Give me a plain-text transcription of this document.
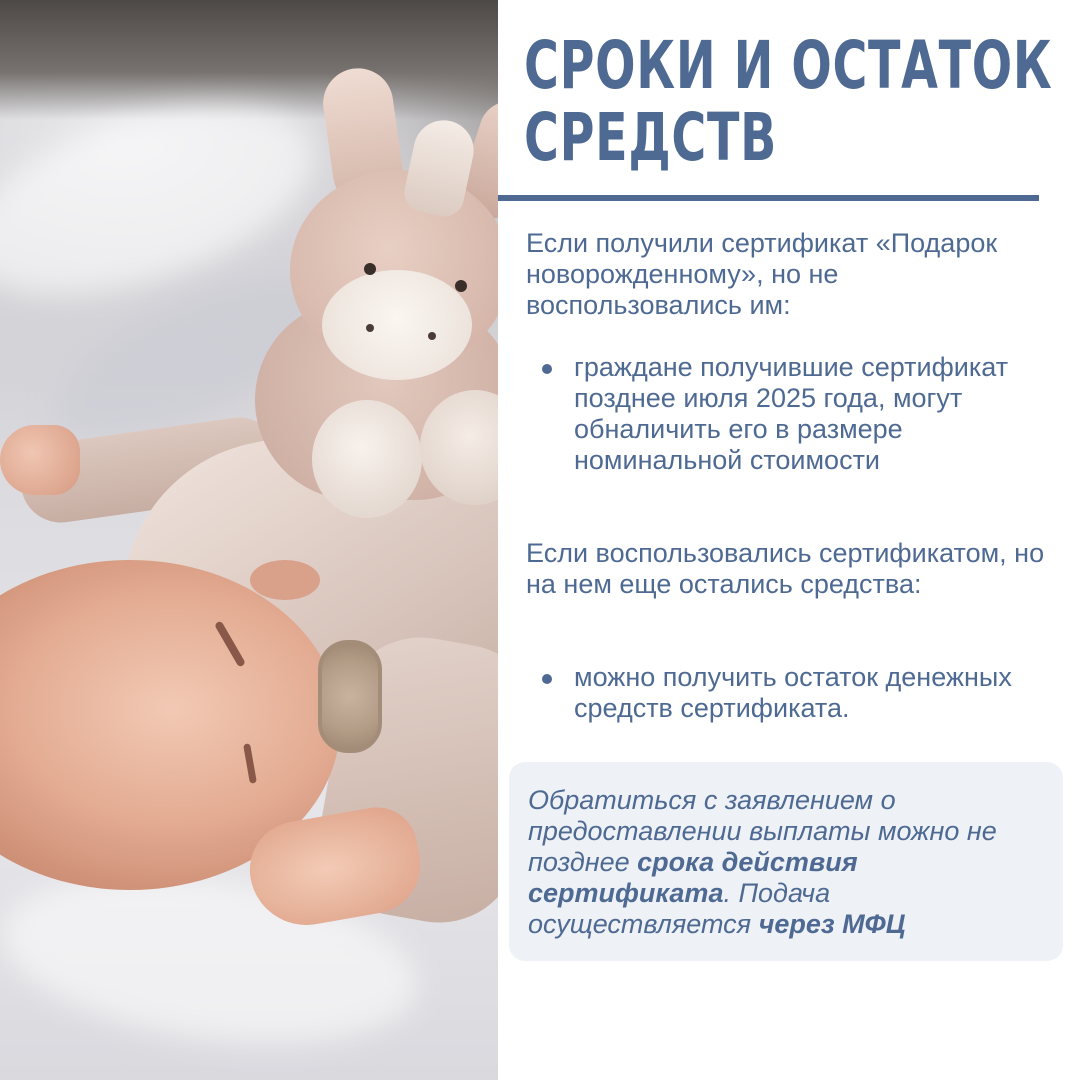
СРОКИ И ОСТАТОК
СРЕДСТВ

Если получили сертификат «Подарок новорожденному», но не воспользовались им:

граждане получившие сертификат позднее июля 2025 года, могут обналичить его в размере номинальной стоимости

Если воспользовались сертификатом, но на нем еще остались средства:

можно получить остаток денежных средств сертификата.

Обратиться с заявлением о предоставлении выплаты можно не позднее срока действия сертификата. Подача осуществляется через МФЦ
